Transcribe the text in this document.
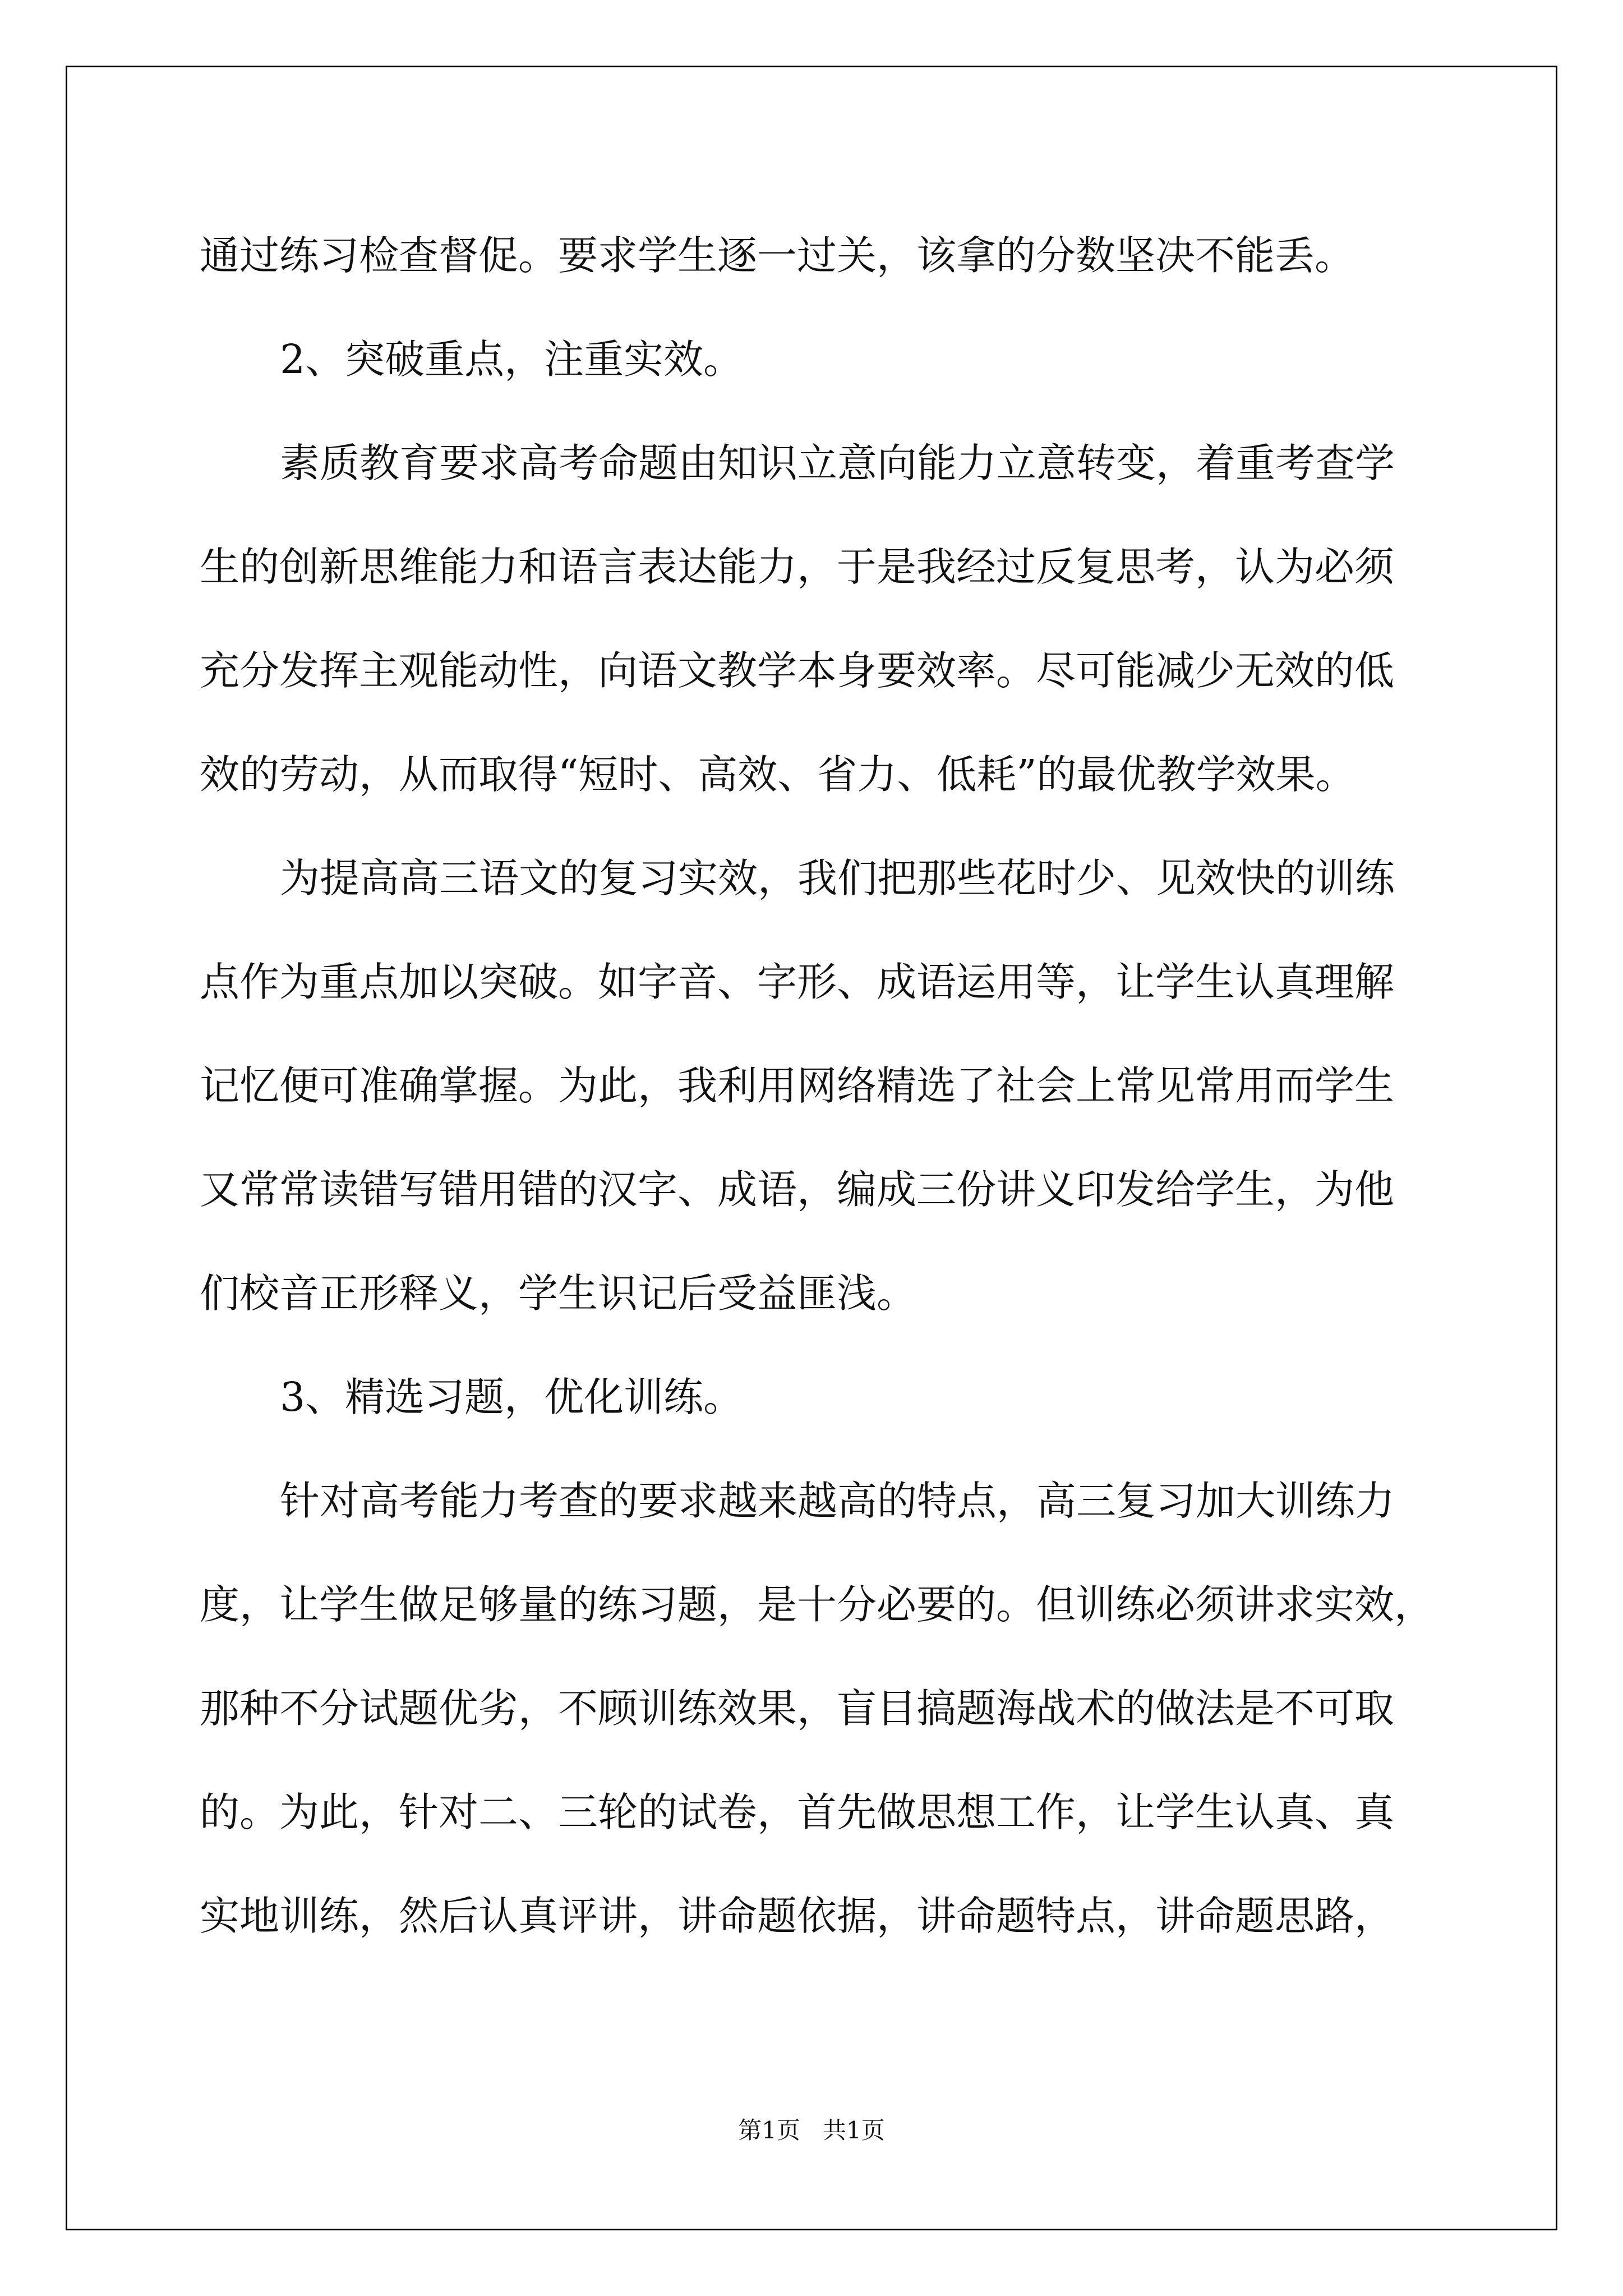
通过练习检查督促。要求学生逐一过关，该拿的分数坚决不能丢。
2、突破重点，注重实效。
素质教育要求高考命题由知识立意向能力立意转变，着重考查学
生的创新思维能力和语言表达能力，于是我经过反复思考，认为必须
充分发挥主观能动性，向语文教学本身要效率。尽可能减少无效的低
效的劳动，从而取得“短时、高效、省力、低耗”的最优教学效果。
为提高高三语文的复习实效，我们把那些花时少、见效快的训练
点作为重点加以突破。如字音、字形、成语运用等，让学生认真理解
记忆便可准确掌握。为此，我利用网络精选了社会上常见常用而学生
又常常读错写错用错的汉字、成语，编成三份讲义印发给学生，为他
们校音正形释义，学生识记后受益匪浅。
3、精选习题，优化训练。
针对高考能力考查的要求越来越高的特点，高三复习加大训练力
度，让学生做足够量的练习题，是十分必要的。但训练必须讲求实效，
那种不分试题优劣，不顾训练效果，盲目搞题海战术的做法是不可取
的。为此，针对二、三轮的试卷，首先做思想工作，让学生认真、真
实地训练，然后认真评讲，讲命题依据，讲命题特点，讲命题思路，
第1页   共1页
